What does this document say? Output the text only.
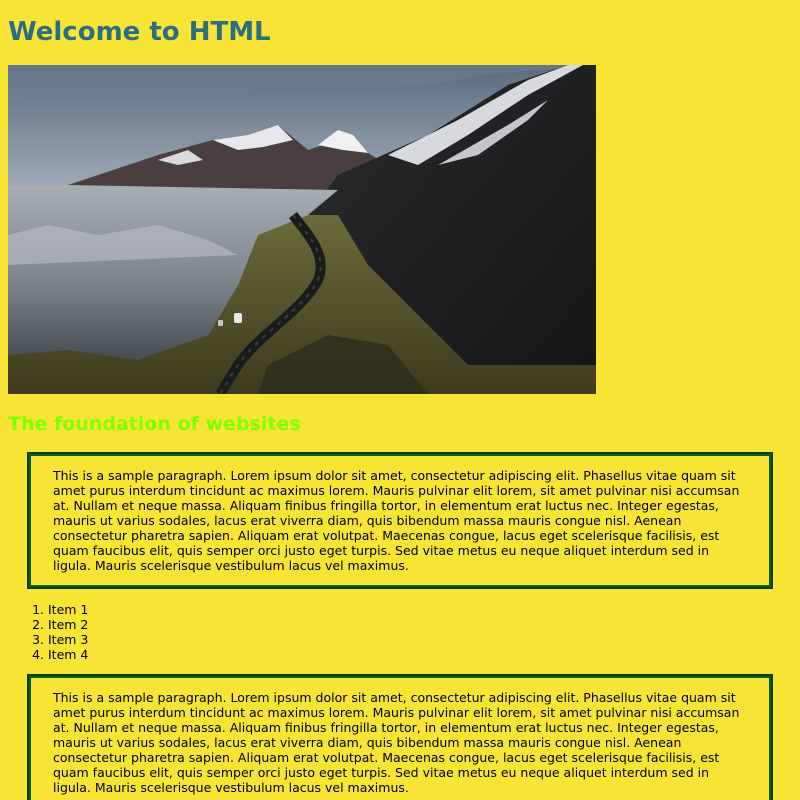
Welcome to HTML
The foundation of websites
This is a sample paragraph. Lorem ipsum dolor sit amet, consectetur adipiscing elit. Phasellus vitae quam sit amet purus interdum tincidunt ac maximus lorem. Mauris pulvinar elit lorem, sit amet pulvinar nisi accumsan at. Nullam et neque massa. Aliquam finibus fringilla tortor, in elementum erat luctus nec. Integer egestas, mauris ut varius sodales, lacus erat viverra diam, quis bibendum massa mauris congue nisl. Aenean consectetur pharetra sapien. Aliquam erat volutpat. Maecenas congue, lacus eget scelerisque facilisis, est quam faucibus elit, quis semper orci justo eget turpis. Sed vitae metus eu neque aliquet interdum sed in ligula. Mauris scelerisque vestibulum lacus vel maximus.
1. Item 1
2. Item 2
3. Item 3
4. Item 4
This is a sample paragraph. Lorem ipsum dolor sit amet, consectetur adipiscing elit. Phasellus vitae quam sit amet purus interdum tincidunt ac maximus lorem. Mauris pulvinar elit lorem, sit amet pulvinar nisi accumsan at. Nullam et neque massa. Aliquam finibus fringilla tortor, in elementum erat luctus nec. Integer egestas, mauris ut varius sodales, lacus erat viverra diam, quis bibendum massa mauris congue nisl. Aenean consectetur pharetra sapien. Aliquam erat volutpat. Maecenas congue, lacus eget scelerisque facilisis, est quam faucibus elit, quis semper orci justo eget turpis. Sed vitae metus eu neque aliquet interdum sed in ligula. Mauris scelerisque vestibulum lacus vel maximus.
